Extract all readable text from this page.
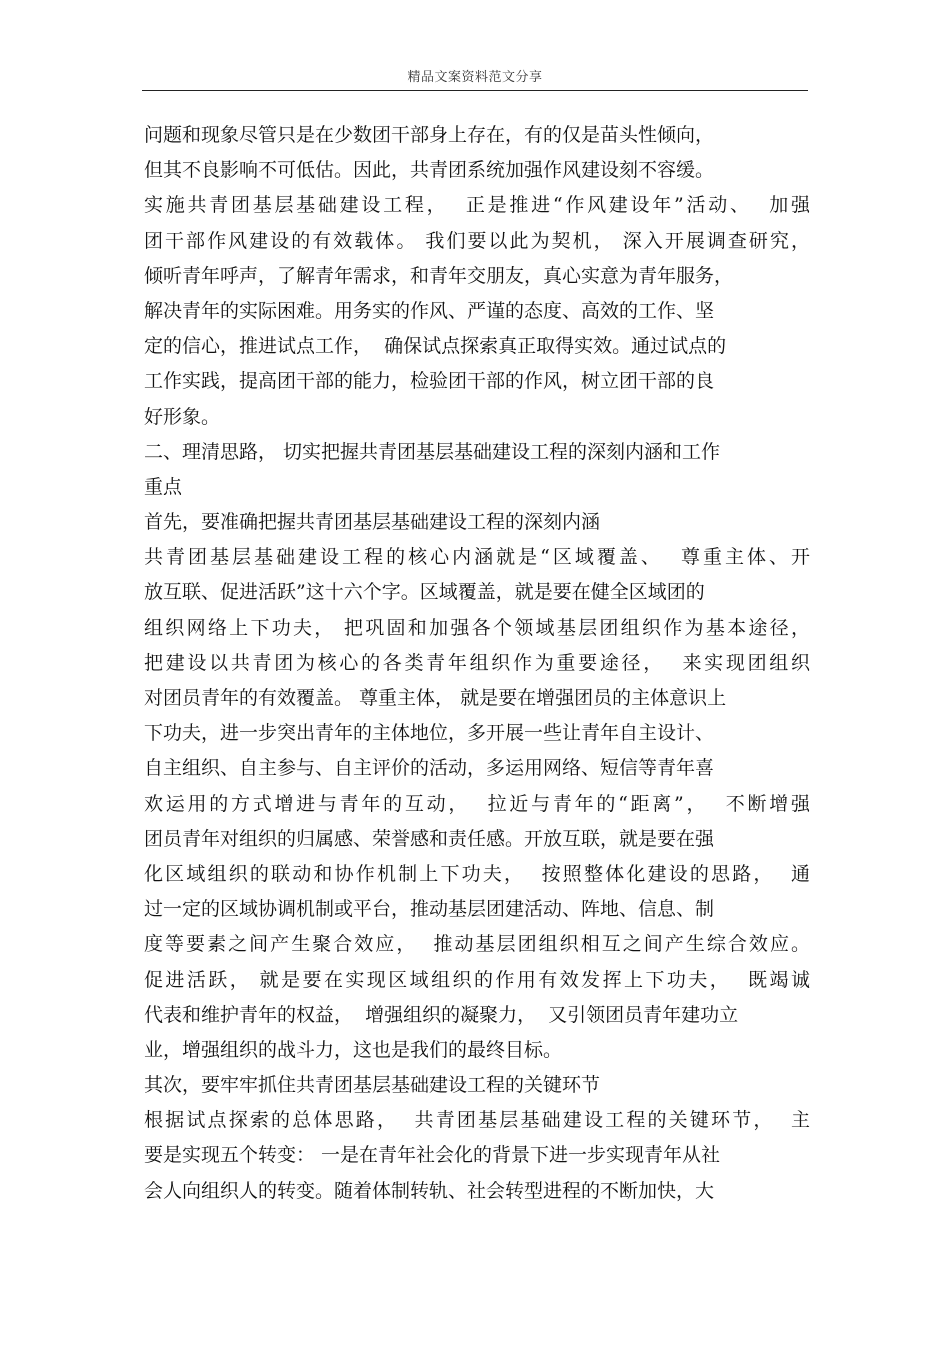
精品文案资料范文分享
问题和现象尽管只是在少数团干部身上存在，有的仅是苗头性倾向，
但其不良影响不可低估。因此，共青团系统加强作风建设刻不容缓。
实施共青团基层基础建设工程，  正是推进“作风建设年”活动、  加强
团干部作风建设的有效载体。 我们要以此为契机， 深入开展调查研究，
倾听青年呼声，了解青年需求，和青年交朋友，真心实意为青年服务，
解决青年的实际困难。用务实的作风、严谨的态度、高效的工作、坚
定的信心，推进试点工作，  确保试点探索真正取得实效。通过试点的
工作实践，提高团干部的能力，检验团干部的作风，树立团干部的良
好形象。
二、理清思路， 切实把握共青团基层基础建设工程的深刻内涵和工作
重点
首先，要准确把握共青团基层基础建设工程的深刻内涵
共青团基层基础建设工程的核心内涵就是“区域覆盖、  尊重主体、开
放互联、促进活跃”这十六个字。区域覆盖，就是要在健全区域团的
组织网络上下功夫， 把巩固和加强各个领域基层团组织作为基本途径，
把建设以共青团为核心的各类青年组织作为重要途径，  来实现团组织
对团员青年的有效覆盖。 尊重主体， 就是要在增强团员的主体意识上
下功夫，进一步突出青年的主体地位，多开展一些让青年自主设计、
自主组织、自主参与、自主评价的活动，多运用网络、短信等青年喜
欢运用的方式增进与青年的互动，  拉近与青年的“距离”，  不断增强
团员青年对组织的归属感、荣誉感和责任感。开放互联，就是要在强
化区域组织的联动和协作机制上下功夫，  按照整体化建设的思路，  通
过一定的区域协调机制或平台，推动基层团建活动、阵地、信息、制
度等要素之间产生聚合效应，  推动基层团组织相互之间产生综合效应。
促进活跃， 就是要在实现区域组织的作用有效发挥上下功夫，  既竭诚
代表和维护青年的权益，  增强组织的凝聚力，  又引领团员青年建功立
业，增强组织的战斗力，这也是我们的最终目标。
其次，要牢牢抓住共青团基层基础建设工程的关键环节
根据试点探索的总体思路，  共青团基层基础建设工程的关键环节，  主
要是实现五个转变： 一是在青年社会化的背景下进一步实现青年从社
会人向组织人的转变。随着体制转轨、社会转型进程的不断加快，大
